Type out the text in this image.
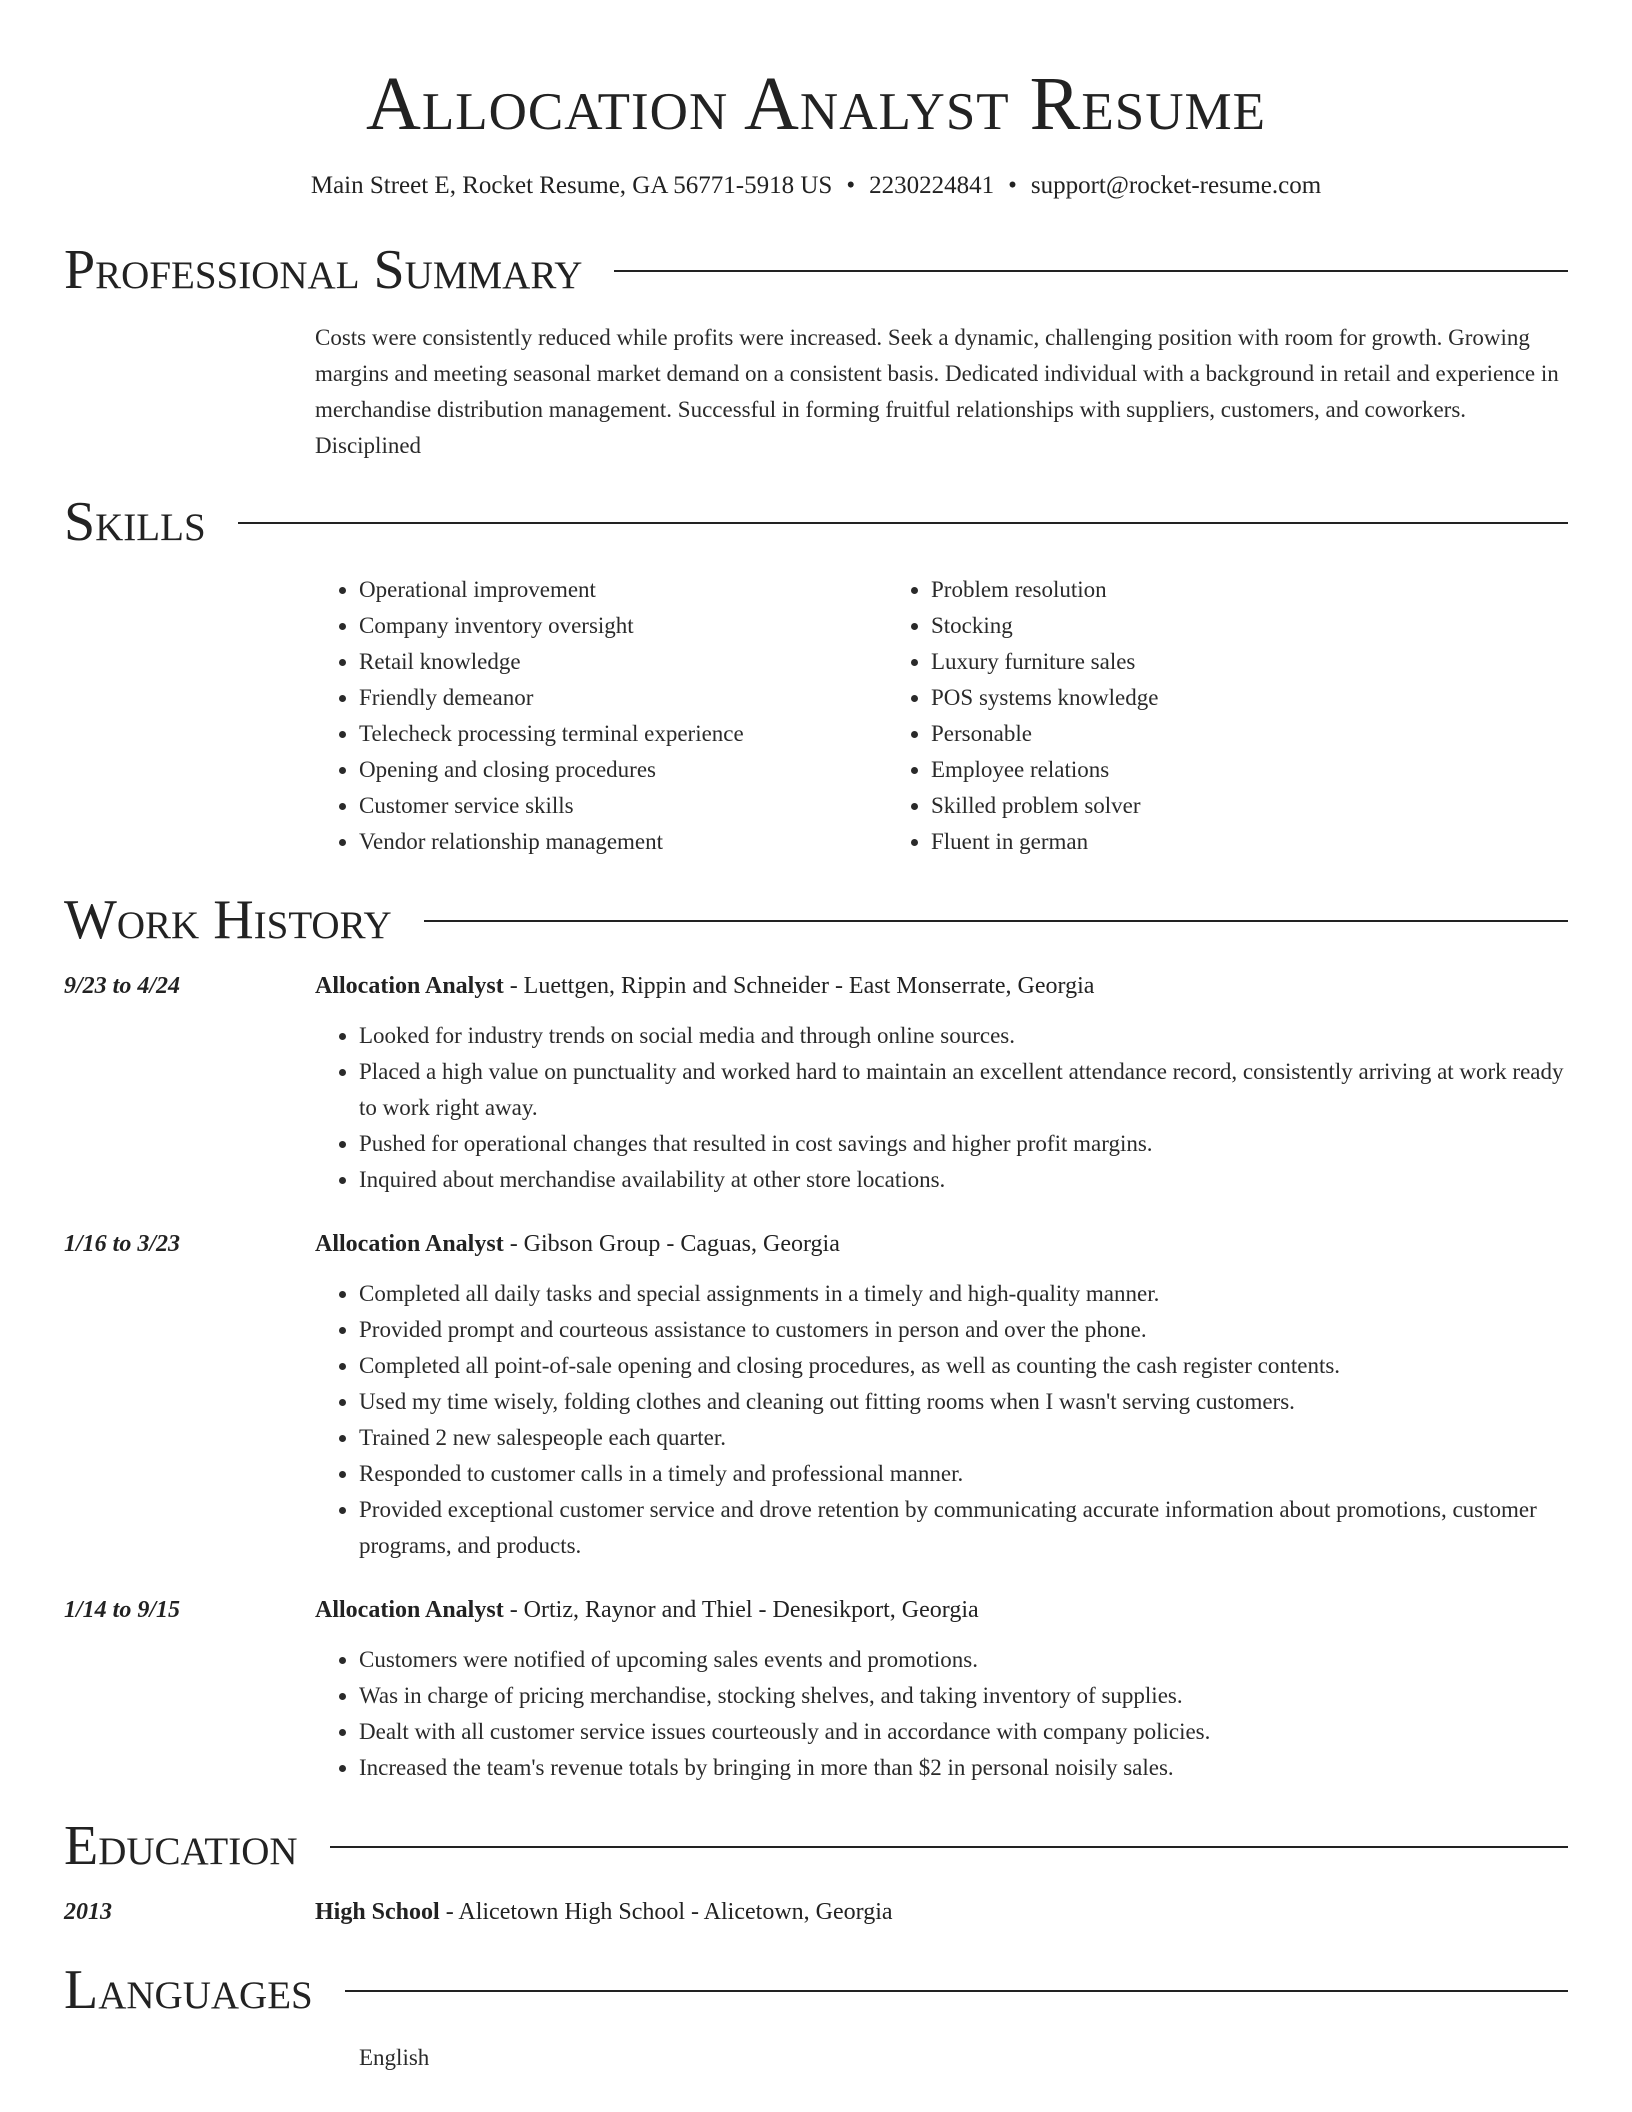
Allocation Analyst Resume
Main Street E, Rocket Resume, GA 56771-5918 US • 2230224841 • support@rocket-resume.com
Professional Summary
Costs were consistently reduced while profits were increased. Seek a dynamic, challenging position with room for growth. Growing margins and meeting seasonal market demand on a consistent basis. Dedicated individual with a background in retail and experience in merchandise distribution management. Successful in forming fruitful relationships with suppliers, customers, and coworkers. Disciplined
Skills
• Operational improvement
• Company inventory oversight
• Retail knowledge
• Friendly demeanor
• Telecheck processing terminal experience
• Opening and closing procedures
• Customer service skills
• Vendor relationship management
• Problem resolution
• Stocking
• Luxury furniture sales
• POS systems knowledge
• Personable
• Employee relations
• Skilled problem solver
• Fluent in german
Work History
9/23 to 4/24	Allocation Analyst - Luettgen, Rippin and Schneider - East Monserrate, Georgia
• Looked for industry trends on social media and through online sources.
• Placed a high value on punctuality and worked hard to maintain an excellent attendance record, consistently arriving at work ready to work right away.
• Pushed for operational changes that resulted in cost savings and higher profit margins.
• Inquired about merchandise availability at other store locations.
1/16 to 3/23	Allocation Analyst - Gibson Group - Caguas, Georgia
• Completed all daily tasks and special assignments in a timely and high-quality manner.
• Provided prompt and courteous assistance to customers in person and over the phone.
• Completed all point-of-sale opening and closing procedures, as well as counting the cash register contents.
• Used my time wisely, folding clothes and cleaning out fitting rooms when I wasn't serving customers.
• Trained 2 new salespeople each quarter.
• Responded to customer calls in a timely and professional manner.
• Provided exceptional customer service and drove retention by communicating accurate information about promotions, customer programs, and products.
1/14 to 9/15	Allocation Analyst - Ortiz, Raynor and Thiel - Denesikport, Georgia
• Customers were notified of upcoming sales events and promotions.
• Was in charge of pricing merchandise, stocking shelves, and taking inventory of supplies.
• Dealt with all customer service issues courteously and in accordance with company policies.
• Increased the team's revenue totals by bringing in more than $2 in personal noisily sales.
Education
2013	High School - Alicetown High School - Alicetown, Georgia
Languages
English
